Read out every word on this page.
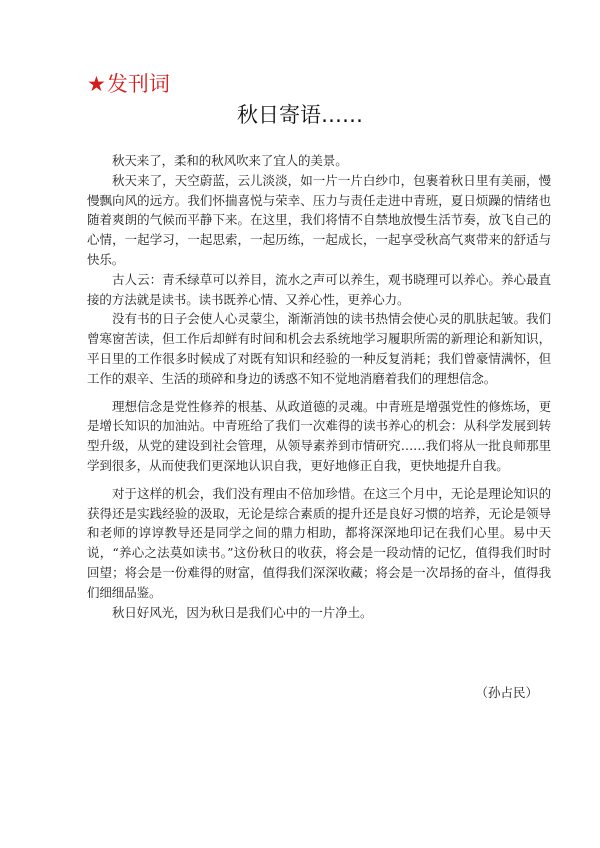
★发刊词
秋日寄语……

秋天来了，柔和的秋风吹来了宜人的美景。

秋天来了，天空蔚蓝，云儿淡淡，如一片一片白纱巾，包裹着秋日里有美丽，慢慢飘向风的远方。我们怀揣喜悦与荣幸、压力与责任走进中青班，夏日烦躁的情绪也随着爽朗的气候而平静下来。在这里，我们将情不自禁地放慢生活节奏，放飞自己的心情，一起学习，一起思索，一起历练，一起成长，一起享受秋高气爽带来的舒适与快乐。

古人云：青禾绿草可以养目，流水之声可以养生，观书晓理可以养心。养心最直接的方法就是读书。读书既养心情、又养心性，更养心力。

没有书的日子会使人心灵蒙尘，渐渐消蚀的读书热情会使心灵的肌肤起皱。我们曾寒窗苦读，但工作后却鲜有时间和机会去系统地学习履职所需的新理论和新知识，平日里的工作很多时候成了对既有知识和经验的一种反复消耗；我们曾豪情满怀，但工作的艰辛、生活的琐碎和身边的诱惑不知不觉地消磨着我们的理想信念。

理想信念是党性修养的根基、从政道德的灵魂。中青班是增强党性的修炼场，更是增长知识的加油站。中青班给了我们一次难得的读书养心的机会：从科学发展到转型升级，从党的建设到社会管理，从领导素养到市情研究……我们将从一批良师那里学到很多，从而使我们更深地认识自我，更好地修正自我，更快地提升自我。

对于这样的机会，我们没有理由不倍加珍惜。在这三个月中，无论是理论知识的获得还是实践经验的汲取，无论是综合素质的提升还是良好习惯的培养，无论是领导和老师的谆谆教导还是同学之间的鼎力相助，都将深深地印记在我们心里。易中天说，“养心之法莫如读书。”这份秋日的收获，将会是一段动情的记忆，值得我们时时回望；将会是一份难得的财富，值得我们深深收藏；将会是一次昂扬的奋斗，值得我们细细品鉴。

秋日好风光，因为秋日是我们心中的一片净土。

（孙占民）
